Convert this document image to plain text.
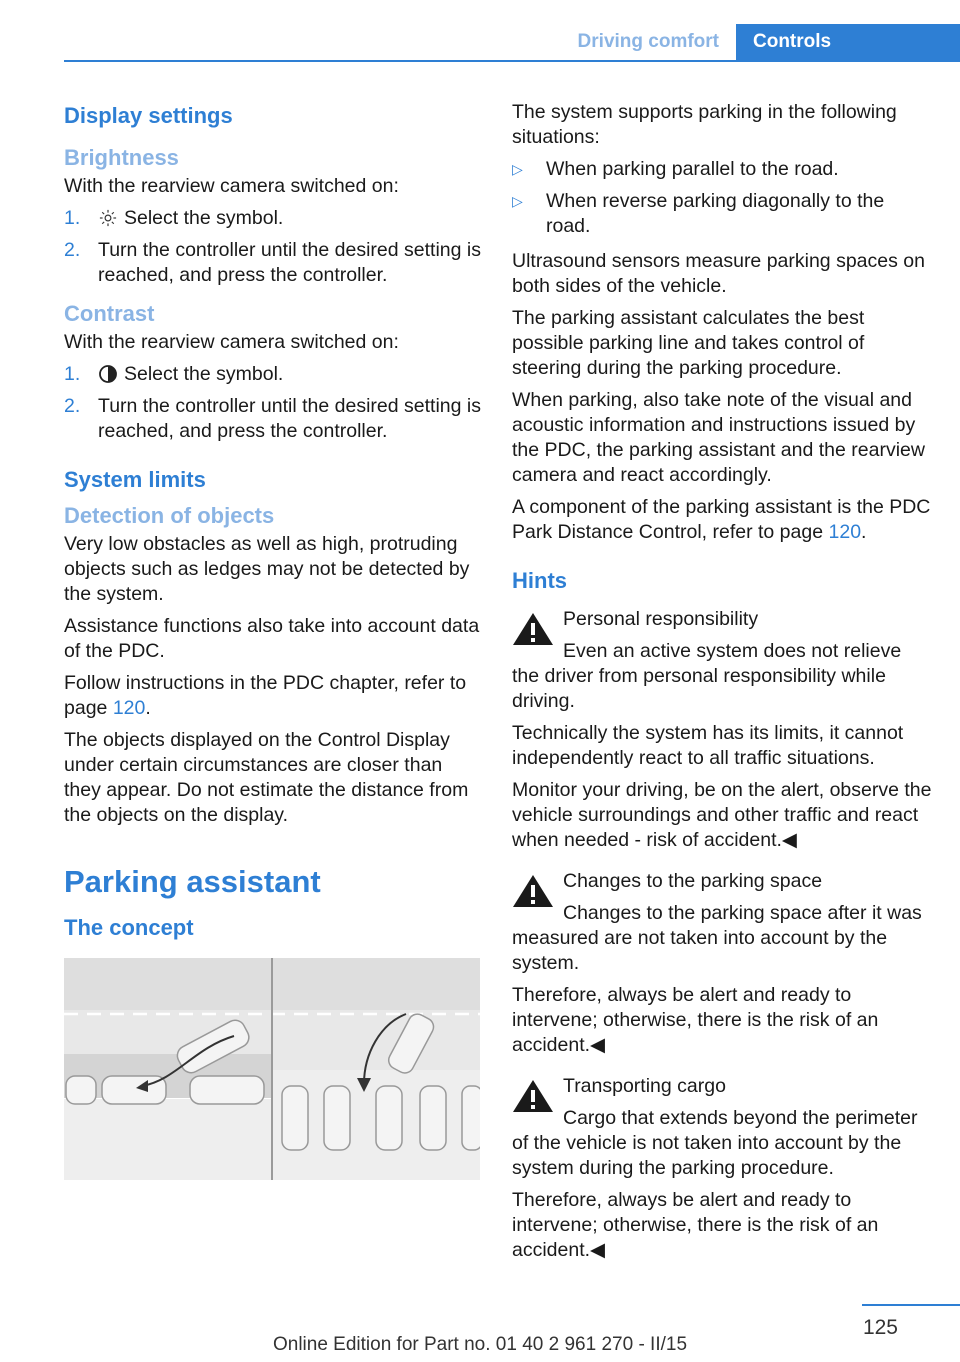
Driving comfort	Controls
Display settings
Brightness

With the rearview camera switched on:

1. Select the symbol.
2. Turn the controller until the desired setting is reached, and press the controller.
Contrast

With the rearview camera switched on:

1. Select the symbol.
2. Turn the controller until the desired setting is reached, and press the controller.
System limits
Detection of objects

Very low obstacles as well as high, protruding objects such as ledges may not be detected by the system.

Assistance functions also take into account data of the PDC.

Follow instructions in the PDC chapter, refer to page 120.

The objects displayed on the Control Display under certain circumstances are closer than they appear. Do not estimate the distance from the objects on the display.

Parking assistant
The concept

The system supports parking in the following situations:

▷ When parking parallel to the road.
▷ When reverse parking diagonally to the road.

Ultrasound sensors measure parking spaces on both sides of the vehicle.

The parking assistant calculates the best possible parking line and takes control of steering during the parking procedure.

When parking, also take note of the visual and acoustic information and instructions issued by the PDC, the parking assistant and the rearview camera and react accordingly.

A component of the parking assistant is the PDC Park Distance Control, refer to page 120.

Hints

Personal responsibility

Even an active system does not relieve the driver from personal responsibility while driving.

Technically the system has its limits, it cannot independently react to all traffic situations.

Monitor your driving, be on the alert, observe the vehicle surroundings and other traffic and react when needed - risk of accident.◀

Changes to the parking space

Changes to the parking space after it was measured are not taken into account by the system.

Therefore, always be alert and ready to intervene; otherwise, there is the risk of an accident.◀

Transporting cargo

Cargo that extends beyond the perimeter of the vehicle is not taken into account by the system during the parking procedure.

Therefore, always be alert and ready to intervene; otherwise, there is the risk of an accident.◀

125
Online Edition for Part no. 01 40 2 961 270 - II/15
